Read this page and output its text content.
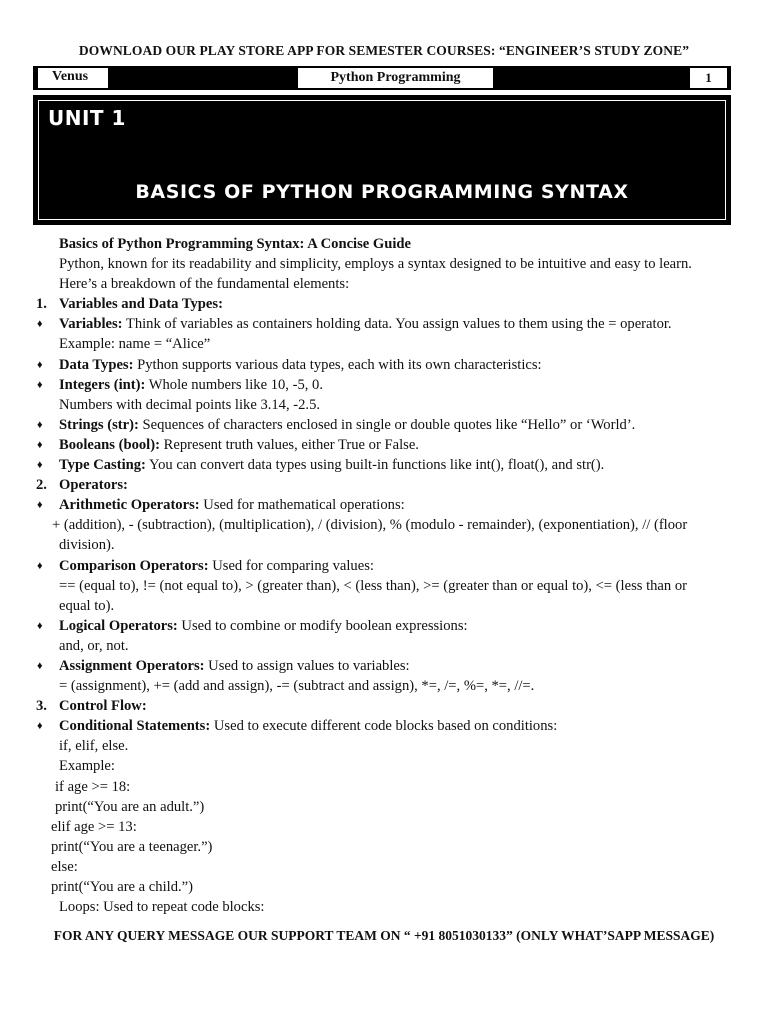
DOWNLOAD OUR PLAY STORE APP FOR SEMESTER COURSES: “ENGINEER’S STUDY ZONE”
Venus	Python Programming	1
UNIT 1
BASICS OF PYTHON PROGRAMMING SYNTAX
Basics of Python Programming Syntax: A Concise Guide
Python, known for its readability and simplicity, employs a syntax designed to be intuitive and easy to learn.
Here’s a breakdown of the fundamental elements:
1. Variables and Data Types:
♦ Variables: Think of variables as containers holding data. You assign values to them using the = operator.
Example: name = “Alice”
♦ Data Types: Python supports various data types, each with its own characteristics:
♦ Integers (int): Whole numbers like 10, -5, 0.
Numbers with decimal points like 3.14, -2.5.
♦ Strings (str): Sequences of characters enclosed in single or double quotes like “Hello” or ‘World’.
♦ Booleans (bool): Represent truth values, either True or False.
♦ Type Casting: You can convert data types using built-in functions like int(), float(), and str().
2. Operators:
♦ Arithmetic Operators: Used for mathematical operations:
+ (addition), - (subtraction), (multiplication), / (division), % (modulo - remainder), (exponentiation), // (floor
division).
♦ Comparison Operators: Used for comparing values:
== (equal to), != (not equal to), > (greater than), < (less than), >= (greater than or equal to), <= (less than or
equal to).
♦ Logical Operators: Used to combine or modify boolean expressions:
and, or, not.
♦ Assignment Operators: Used to assign values to variables:
= (assignment), += (add and assign), -= (subtract and assign), *=, /=, %=, *=, //=.
3. Control Flow:
♦ Conditional Statements: Used to execute different code blocks based on conditions:
if, elif, else.
Example:
if age >= 18:
print(“You are an adult.”)
elif age >= 13:
print(“You are a teenager.”)
else:
print(“You are a child.”)
Loops: Used to repeat code blocks:
FOR ANY QUERY MESSAGE OUR SUPPORT TEAM ON “ +91 8051030133” (ONLY WHAT’SAPP MESSAGE)
